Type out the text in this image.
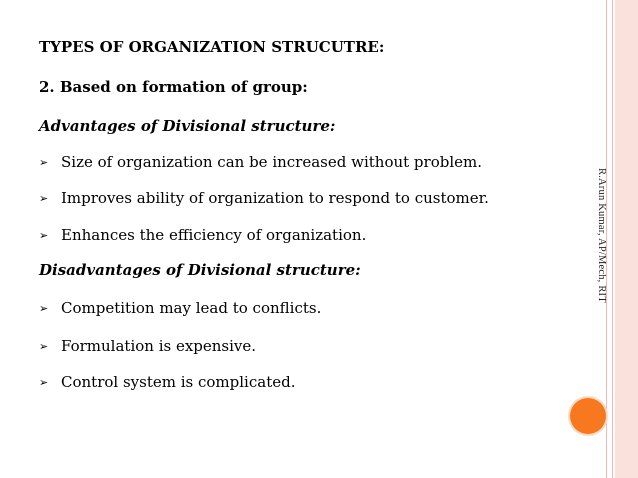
R.Arun Kumar, AP/Mech, RIT
TYPES OF ORGANIZATION STRUCUTRE:
2. Based on formation of group:
Advantages of Divisional structure:
➢ Size of organization can be increased without problem.
➢ Improves ability of organization to respond to customer.
➢ Enhances the efficiency of organization.
Disadvantages of Divisional structure:
➢ Competition may lead to conflicts.
➢ Formulation is expensive.
➢ Control system is complicated.
